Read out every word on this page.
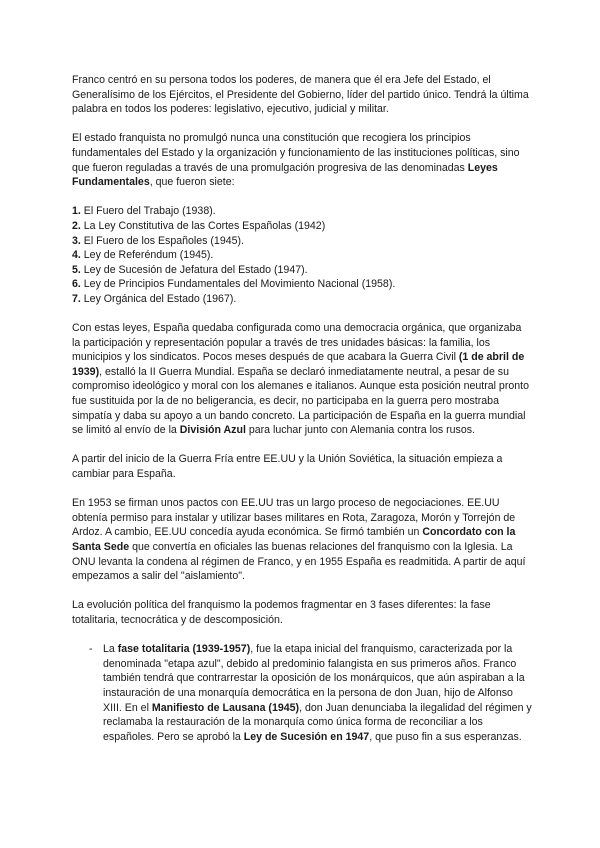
Franco centró en su persona todos los poderes, de manera que él era Jefe del Estado, el Generalísimo de los Ejércitos, el Presidente del Gobierno, líder del partido único. Tendrá la última palabra en todos los poderes: legislativo, ejecutivo, judicial y militar.

El estado franquista no promulgó nunca una constitución que recogiera los principios fundamentales del Estado y la organización y funcionamiento de las instituciones políticas, sino que fueron reguladas a través de una promulgación progresiva de las denominadas Leyes Fundamentales, que fueron siete:

1. El Fuero del Trabajo (1938).
2. La Ley Constitutiva de las Cortes Españolas (1942)
3. El Fuero de los Españoles (1945).
4. Ley de Referéndum (1945).
5. Ley de Sucesión de Jefatura del Estado (1947).
6. Ley de Principios Fundamentales del Movimiento Nacional (1958).
7. Ley Orgánica del Estado (1967).

Con estas leyes, España quedaba configurada como una democracia orgánica, que organizaba la participación y representación popular a través de tres unidades básicas: la familia, los municipios y los sindicatos. Pocos meses después de que acabara la Guerra Civil (1 de abril de 1939), estalló la II Guerra Mundial. España se declaró inmediatamente neutral, a pesar de su compromiso ideológico y moral con los alemanes e italianos. Aunque esta posición neutral pronto fue sustituida por la de no beligerancia, es decir, no participaba en la guerra pero mostraba simpatía y daba su apoyo a un bando concreto. La participación de España en la guerra mundial se limitó al envío de la División Azul para luchar junto con Alemania contra los rusos.

A partir del inicio de la Guerra Fría entre EE.UU y la Unión Soviética, la situación empieza a cambiar para España.

En 1953 se firman unos pactos con EE.UU tras un largo proceso de negociaciones. EE.UU obtenía permiso para instalar y utilizar bases militares en Rota, Zaragoza, Morón y Torrejón de Ardoz. A cambio, EE.UU concedía ayuda económica. Se firmó también un Concordato con la Santa Sede que convertía en oficiales las buenas relaciones del franquismo con la Iglesia. La ONU levanta la condena al régimen de Franco, y en 1955 España es readmitida. A partir de aquí empezamos a salir del "aislamiento".

La evolución política del franquismo la podemos fragmentar en 3 fases diferentes: la fase totalitaria, tecnocrática y de descomposición.

- La fase totalitaria (1939-1957), fue la etapa inicial del franquismo, caracterizada por la denominada "etapa azul", debido al predominio falangista en sus primeros años. Franco también tendrá que contrarrestar la oposición de los monárquicos, que aún aspiraban a la instauración de una monarquía democrática en la persona de don Juan, hijo de Alfonso XIII. En el Manifiesto de Lausana (1945), don Juan denunciaba la ilegalidad del régimen y reclamaba la restauración de la monarquía como única forma de reconciliar a los españoles. Pero se aprobó la Ley de Sucesión en 1947, que puso fin a sus esperanzas.
